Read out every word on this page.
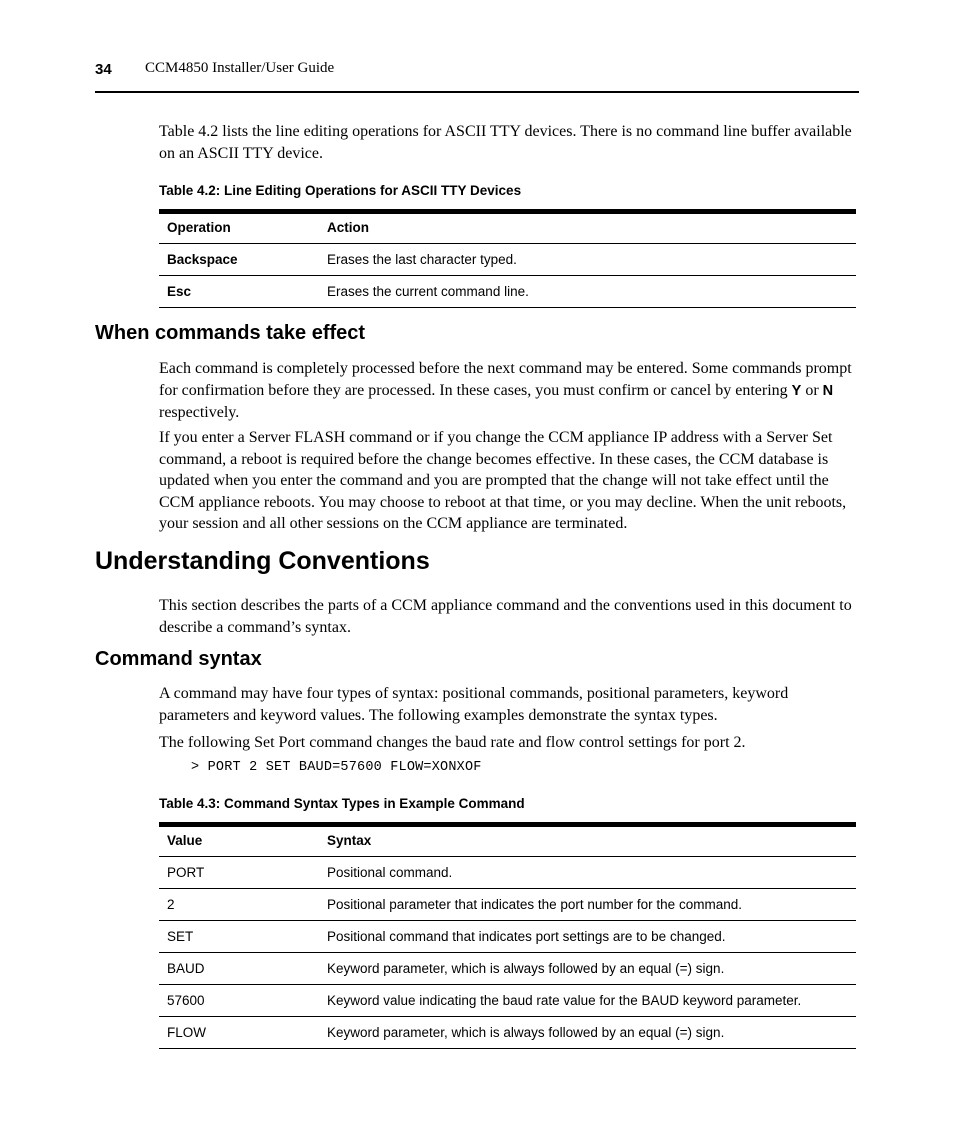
34 CCM4850 Installer/User Guide

Table 4.2 lists the line editing operations for ASCII TTY devices. There is no command line buffer available on an ASCII TTY device.

Table 4.2: Line Editing Operations for ASCII TTY Devices
Operation	Action
Backspace	Erases the last character typed.
Esc	Erases the current command line.
When commands take effect

Each command is completely processed before the next command may be entered. Some commands prompt for confirmation before they are processed. In these cases, you must confirm or cancel by entering Y or N respectively.

If you enter a Server FLASH command or if you change the CCM appliance IP address with a Server Set command, a reboot is required before the change becomes effective. In these cases, the CCM database is updated when you enter the command and you are prompted that the change will not take effect until the CCM appliance reboots. You may choose to reboot at that time, or you may decline. When the unit reboots, your session and all other sessions on the CCM appliance are terminated.

Understanding Conventions

This section describes the parts of a CCM appliance command and the conventions used in this document to describe a command’s syntax.

Command syntax

A command may have four types of syntax: positional commands, positional parameters, keyword parameters and keyword values. The following examples demonstrate the syntax types.

The following Set Port command changes the baud rate and flow control settings for port 2.

> PORT 2 SET BAUD=57600 FLOW=XONXOF
Table 4.3: Command Syntax Types in Example Command
Value	Syntax
PORT	Positional command.
2	Positional parameter that indicates the port number for the command.
SET	Positional command that indicates port settings are to be changed.
BAUD	Keyword parameter, which is always followed by an equal (=) sign.
57600	Keyword value indicating the baud rate value for the BAUD keyword parameter.
FLOW	Keyword parameter, which is always followed by an equal (=) sign.
